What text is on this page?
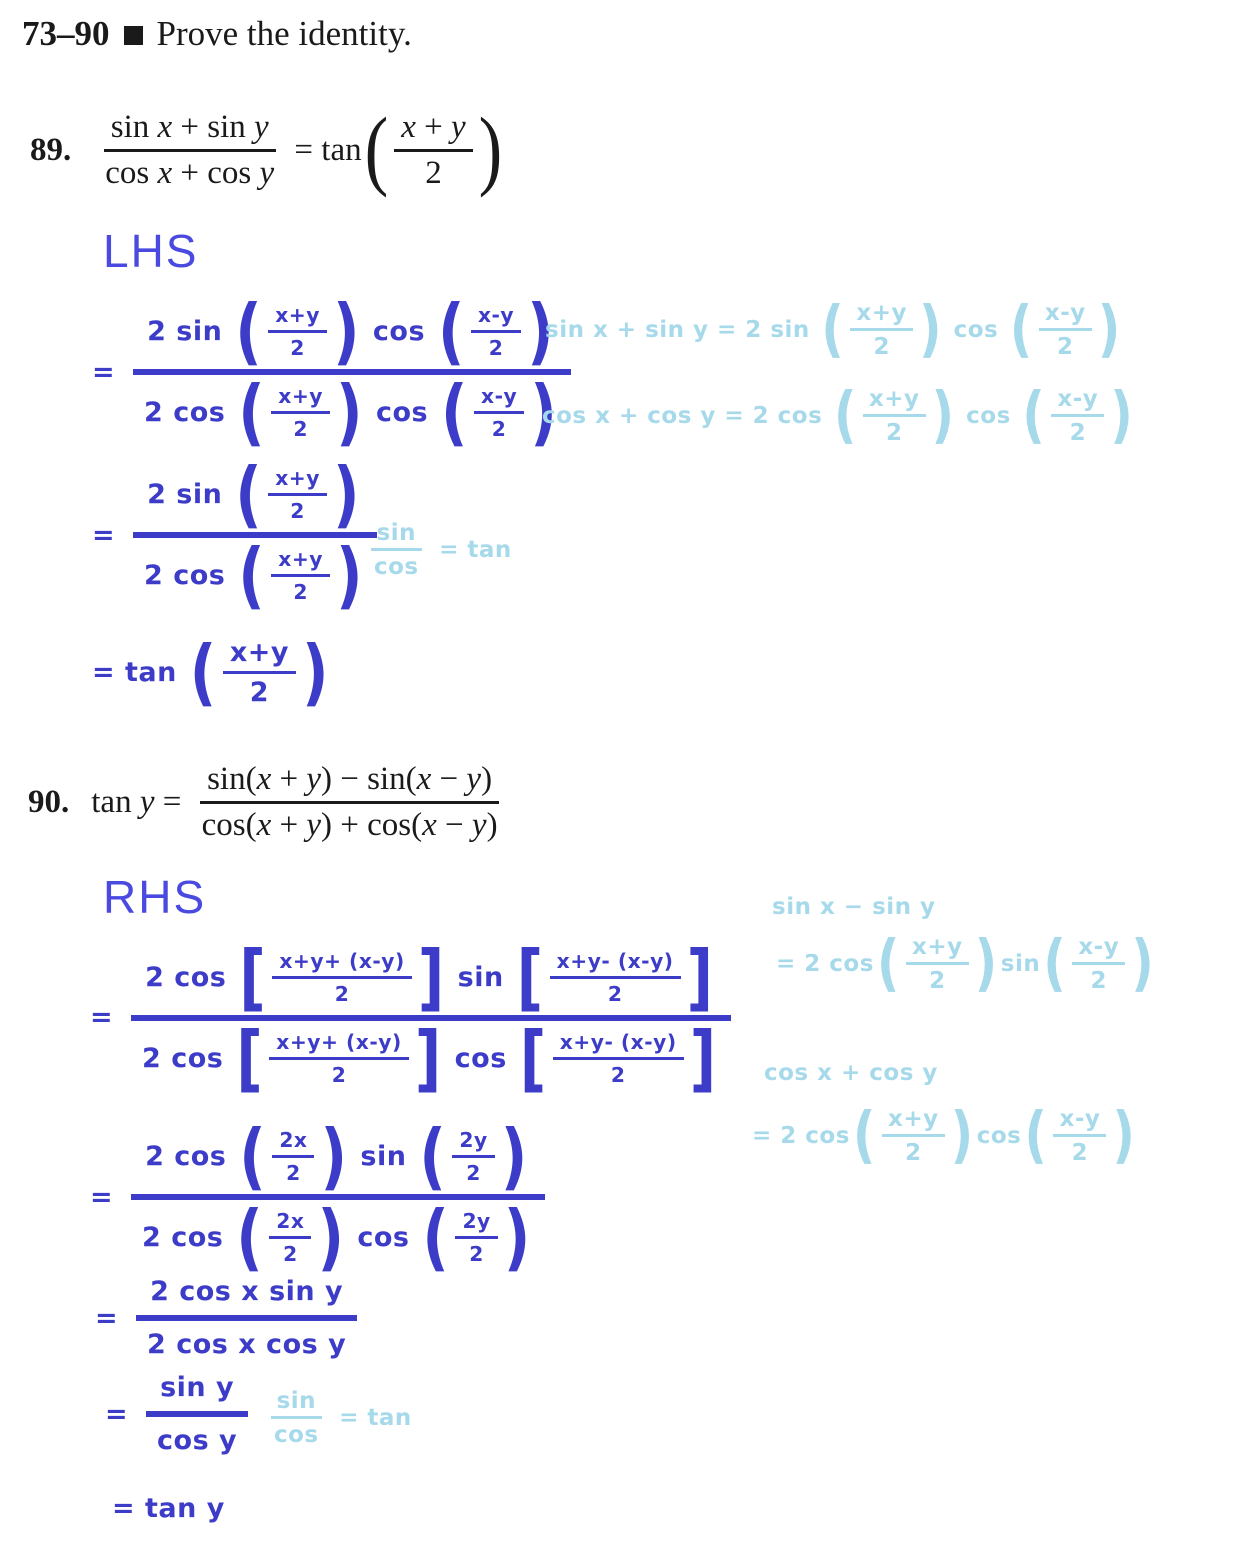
73–90 Prove the identity.
89. $\frac{\text{sin x + sin y}}{\text{cos x + cos y}} = \tan$ ( $\frac{x + y}{2}$ )
LHS
= $\frac{2 \sin ( \frac{x+y}{2} ) \cos ( \frac{x-y}{2} )}{2 \cos ( \frac{x+y}{2} ) \cos ( \frac{x-y}{2} )}$
sin x + sin y = 2 sin ( $\frac{x+y}{2}$ ) cos ( $\frac{x-y}{2}$ )
cos x + cos y = 2 cos ( $\frac{x+y}{2}$ ) cos ( $\frac{x-y}{2}$ )
= $\frac{2 \sin ( \frac{x+y}{2} )}{2 \cos ( \frac{x+y}{2} )}$
$\frac{\sin}{\cos} = \tan$
= tan ( $\frac{x+y}{2}$ )
90. $\tan y = \frac{\sin( x + y ) - \sin( x - y )}{\cos( x + y ) + \cos( x - y )}$
RHS	sin x − sin y
= 2 cos ( $\frac{x+y}{2}$ ) sin ( $\frac{x-y}{2}$ )
= $\frac{2 \cos [ \frac{x+y+ (x-y)}{2} ] \sin [ \frac{x+y- (x-y)}{2} ]}{2 \cos [ \frac{x+y+ (x-y)}{2} ] \cos [ \frac{x+y- (x-y)}{2} ]}$ cos x + cos y
= 2 cos ( $\frac{x+y}{2}$ ) cos ( $\frac{x-y}{2}$ )
= $\frac{2 \cos ( \frac{2x}{2} ) \sin ( \frac{2y}{2} )}{2 \cos ( \frac{2x}{2} ) \cos ( \frac{2y}{2} )}$
= $\frac{\text{2 cos x sin y}}{\text{2 cos x cos y}}$
= $\frac{\text{sin y}}{\text{cos y}} \frac{\sin}{\cos} = \tan$
= tan y
